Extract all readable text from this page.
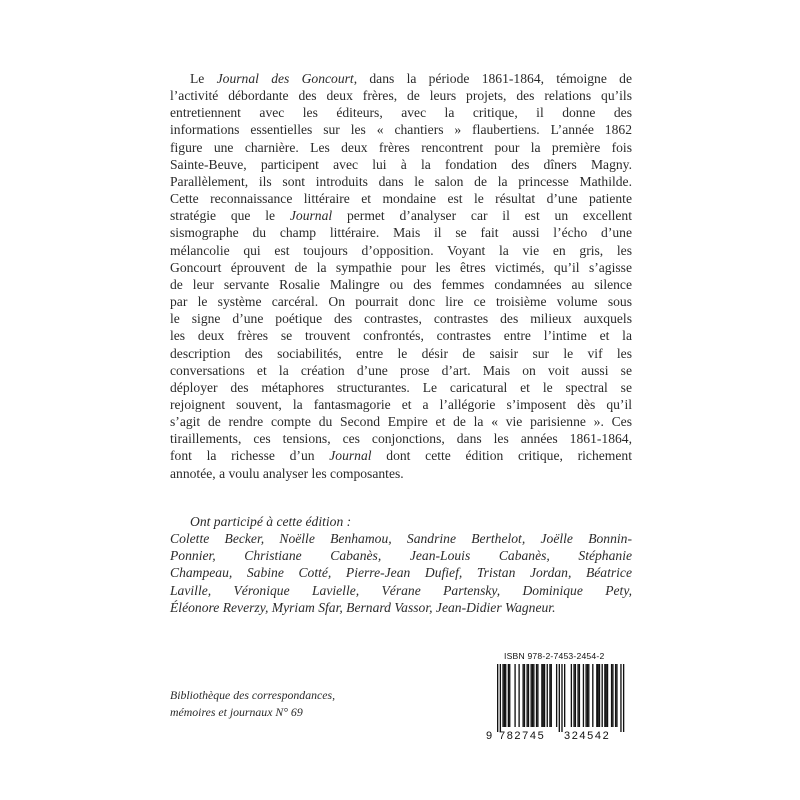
Le Journal des Goncourt, dans la période 1861-1864, témoigne de
l’activité débordante des deux frères, de leurs projets, des relations qu’ils
entretiennent avec les éditeurs, avec la critique, il donne des
informations essentielles sur les « chantiers » flaubertiens. L’année 1862
figure une charnière. Les deux frères rencontrent pour la première fois
Sainte-Beuve, participent avec lui à la fondation des dîners Magny.
Parallèlement, ils sont introduits dans le salon de la princesse Mathilde.
Cette reconnaissance littéraire et mondaine est le résultat d’une patiente
stratégie que le Journal permet d’analyser car il est un excellent
sismographe du champ littéraire. Mais il se fait aussi l’écho d’une
mélancolie qui est toujours d’opposition. Voyant la vie en gris, les
Goncourt éprouvent de la sympathie pour les êtres victimés, qu’il s’agisse
de leur servante Rosalie Malingre ou des femmes condamnées au silence
par le système carcéral. On pourrait donc lire ce troisième volume sous
le signe d’une poétique des contrastes, contrastes des milieux auxquels
les deux frères se trouvent confrontés, contrastes entre l’intime et la
description des sociabilités, entre le désir de saisir sur le vif les
conversations et la création d’une prose d’art. Mais on voit aussi se
déployer des métaphores structurantes. Le caricatural et le spectral se
rejoignent souvent, la fantasmagorie et a l’allégorie s’imposent dès qu’il
s’agit de rendre compte du Second Empire et de la « vie parisienne ». Ces
tiraillements, ces tensions, ces conjonctions, dans les années 1861-1864,
font la richesse d’un Journal dont cette édition critique, richement
annotée, a voulu analyser les composantes.
Ont participé à cette édition :
Colette Becker, Noëlle Benhamou, Sandrine Berthelot, Joëlle Bonnin-
Ponnier, Christiane Cabanès, Jean-Louis Cabanès, Stéphanie
Champeau, Sabine Cotté, Pierre-Jean Dufief, Tristan Jordan, Béatrice
Laville, Véronique Lavielle, Vérane Partensky, Dominique Pety,
Éléonore Reverzy, Myriam Sfar, Bernard Vassor, Jean-Didier Wagneur.
Bibliothèque des correspondances,
mémoires et journaux N° 69
ISBN 978-2-7453-2454-2
9 782745 324542
